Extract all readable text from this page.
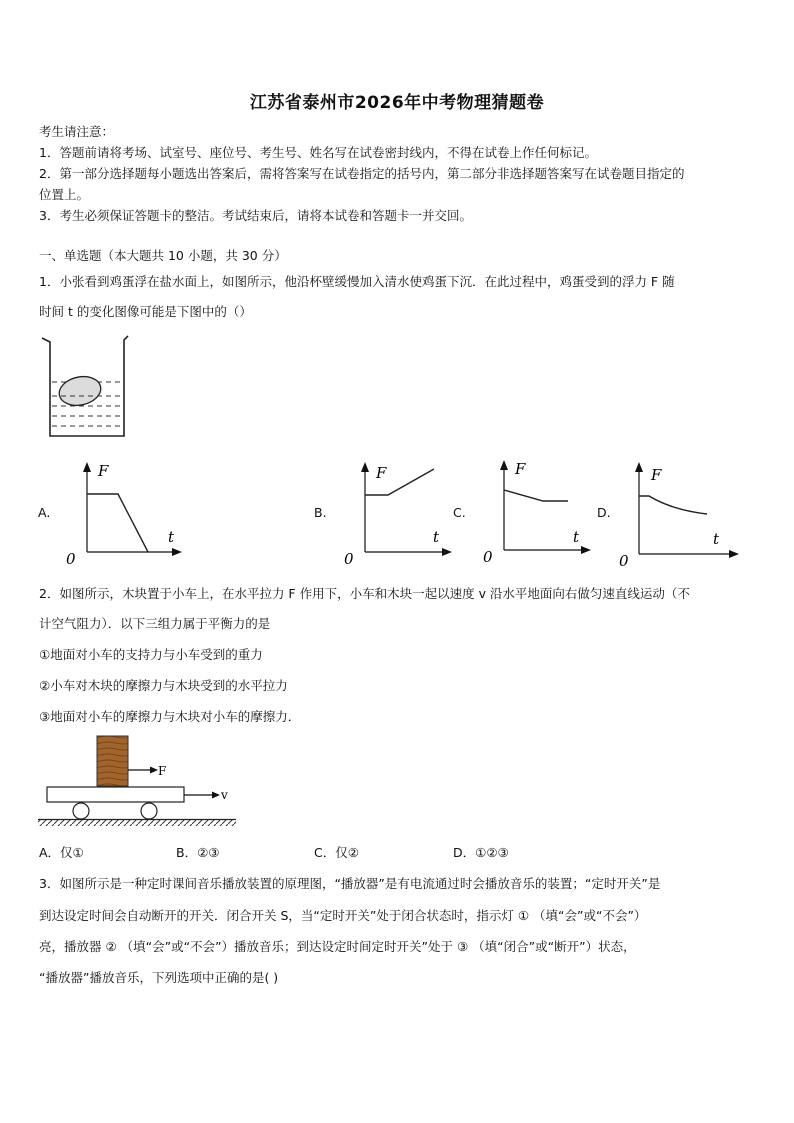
江苏省泰州市2026年中考物理猜题卷
考生请注意：
1．答题前请将考场、试室号、座位号、考生号、姓名写在试卷密封线内，不得在试卷上作任何标记。
2．第一部分选择题每小题选出答案后，需将答案写在试卷指定的括号内，第二部分非选择题答案写在试卷题目指定的
位置上。
3．考生必须保证答题卡的整洁。考试结束后，请将本试卷和答题卡一并交回。
一、单选题（本大题共 10 小题，共 30 分）
1．小张看到鸡蛋浮在盐水面上，如图所示，他沿杯壁缓慢加入清水使鸡蛋下沉．在此过程中，鸡蛋受到的浮力 F 随
时间 t 的变化图像可能是下图中的（）
A.
F
t
0
B.
F
t
0
C.
F
t
0
D.
F
t
0
2．如图所示，木块置于小车上，在水平拉力 F 作用下，小车和木块一起以速度 v 沿水平地面向右做匀速直线运动（不
计空气阻力）．以下三组力属于平衡力的是
①地面对小车的支持力与小车受到的重力
②小车对木块的摩擦力与木块受到的水平拉力
③地面对小车的摩擦力与木块对小车的摩擦力．
F
v
A．仅①	B．②③	C．仅②	D．①②③
3．如图所示是一种定时课间音乐播放装置的原理图，“播放器”是有电流通过时会播放音乐的装置；“定时开关”是
到达设定时间会自动断开的开关．闭合开关 S，当“定时开关”处于闭合状态时，指示灯 ① （填“会”或“不会”）
亮，播放器 ② （填“会”或“不会”）播放音乐；到达设定时间定时开关”处于 ③ （填“闭合”或“断开”）状态，
“播放器”播放音乐，下列选项中正确的是( )
